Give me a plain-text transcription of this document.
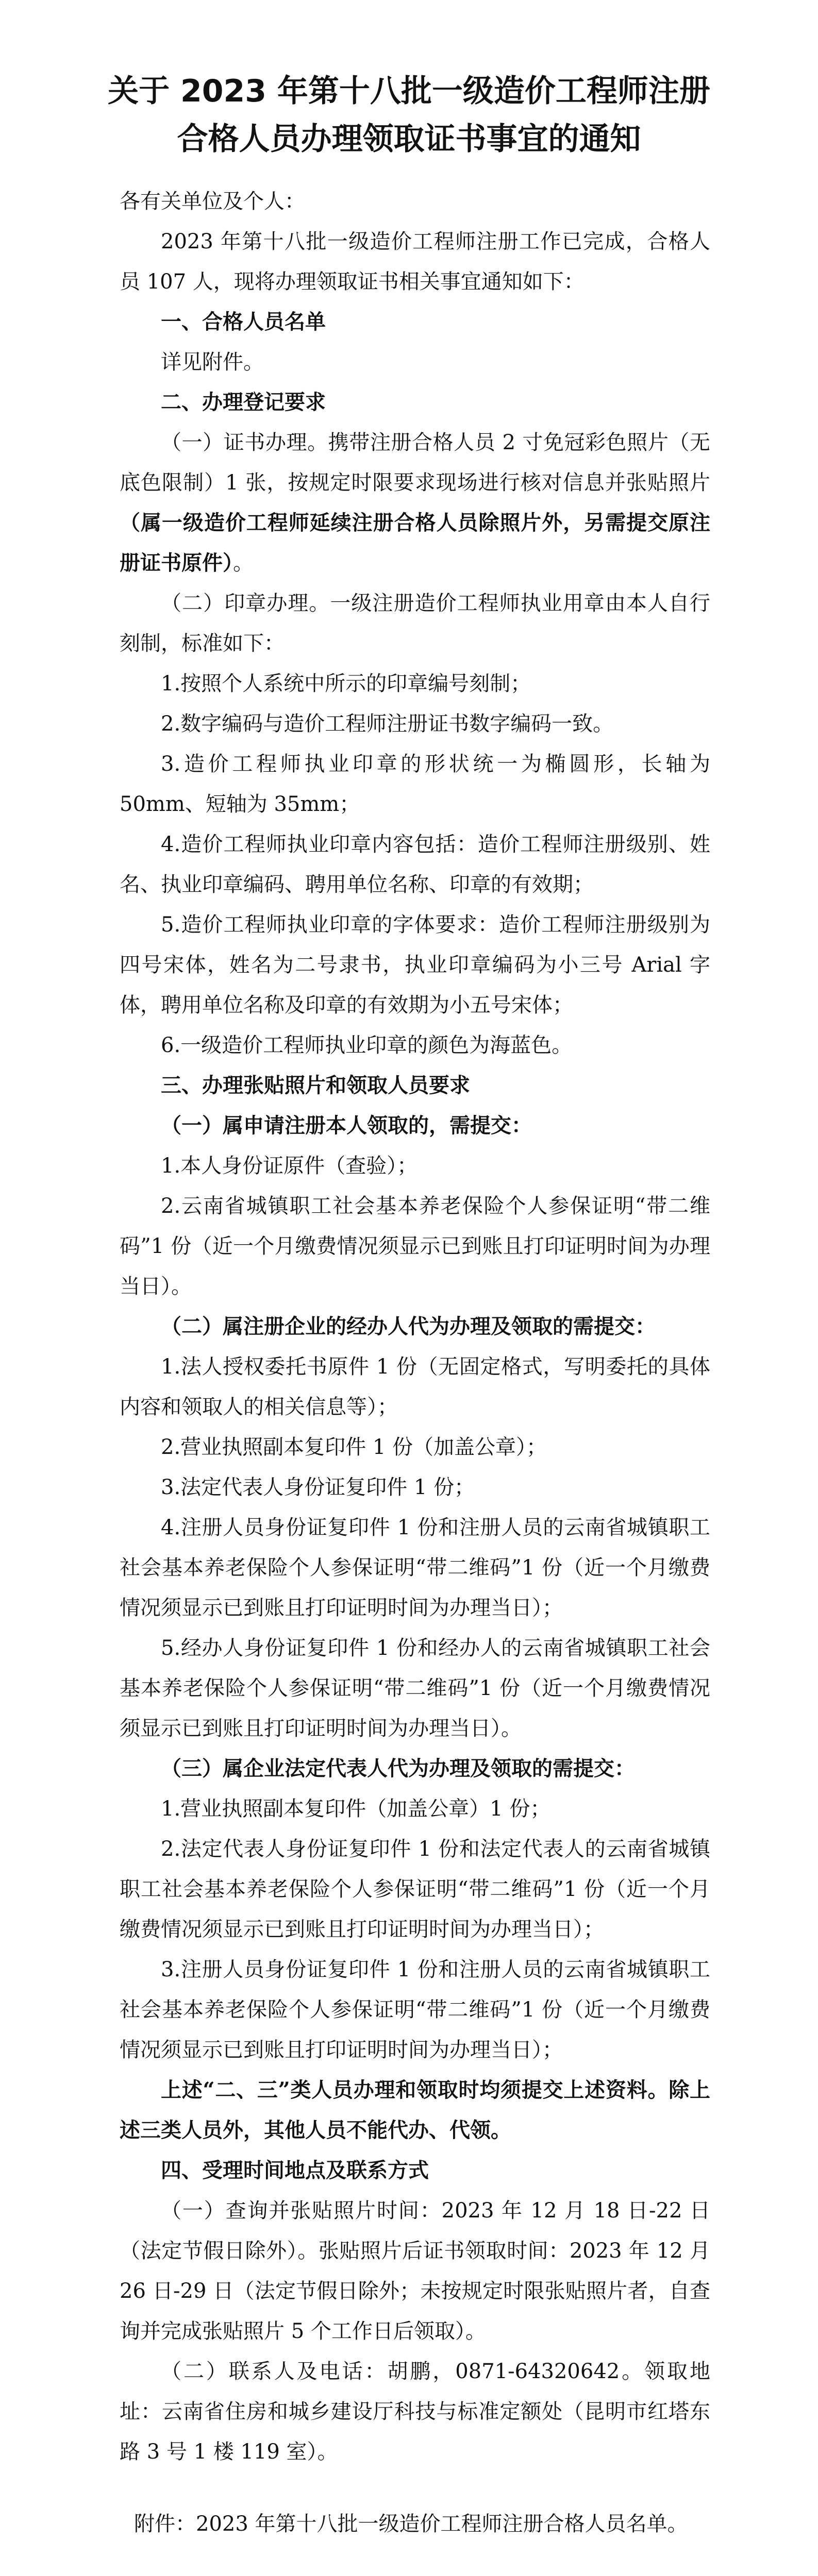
关于 2023 年第十八批一级造价工程师注册
合格人员办理领取证书事宜的通知

各有关单位及个人：

2023 年第十八批一级造价工程师注册工作已完成，合格人员 107 人，现将办理领取证书相关事宜通知如下：

一、合格人员名单

详见附件。

二、办理登记要求

（一）证书办理。携带注册合格人员 2 寸免冠彩色照片（无底色限制）1 张，按规定时限要求现场进行核对信息并张贴照片（属一级造价工程师延续注册合格人员除照片外，另需提交原注册证书原件）。

（二）印章办理。一级注册造价工程师执业用章由本人自行刻制，标准如下：

1.按照个人系统中所示的印章编号刻制；

2.数字编码与造价工程师注册证书数字编码一致。

3.造价工程师执业印章的形状统一为椭圆形，长轴为 50mm、短轴为 35mm；

4.造价工程师执业印章内容包括：造价工程师注册级别、姓名、执业印章编码、聘用单位名称、印章的有效期；

5.造价工程师执业印章的字体要求：造价工程师注册级别为四号宋体，姓名为二号隶书，执业印章编码为小三号 Arial 字体，聘用单位名称及印章的有效期为小五号宋体；

6.一级造价工程师执业印章的颜色为海蓝色。

三、办理张贴照片和领取人员要求

（一）属申请注册本人领取的，需提交：

1.本人身份证原件（查验）；

2.云南省城镇职工社会基本养老保险个人参保证明“带二维码”1 份（近一个月缴费情况须显示已到账且打印证明时间为办理当日）。

（二）属注册企业的经办人代为办理及领取的需提交：

1.法人授权委托书原件 1 份（无固定格式，写明委托的具体内容和领取人的相关信息等）；

2.营业执照副本复印件 1 份（加盖公章）；

3.法定代表人身份证复印件 1 份；

4.注册人员身份证复印件 1 份和注册人员的云南省城镇职工社会基本养老保险个人参保证明“带二维码”1 份（近一个月缴费情况须显示已到账且打印证明时间为办理当日）；

5.经办人身份证复印件 1 份和经办人的云南省城镇职工社会基本养老保险个人参保证明“带二维码”1 份（近一个月缴费情况须显示已到账且打印证明时间为办理当日）。

（三）属企业法定代表人代为办理及领取的需提交：

1.营业执照副本复印件（加盖公章）1 份；

2.法定代表人身份证复印件 1 份和法定代表人的云南省城镇职工社会基本养老保险个人参保证明“带二维码”1 份（近一个月缴费情况须显示已到账且打印证明时间为办理当日）；

3.注册人员身份证复印件 1 份和注册人员的云南省城镇职工社会基本养老保险个人参保证明“带二维码”1 份（近一个月缴费情况须显示已到账且打印证明时间为办理当日）；

上述“二、三”类人员办理和领取时均须提交上述资料。除上述三类人员外，其他人员不能代办、代领。

四、受理时间地点及联系方式

（一）查询并张贴照片时间：2023 年 12 月 18 日-22 日（法定节假日除外）。张贴照片后证书领取时间：2023 年 12 月 26 日-29 日（法定节假日除外；未按规定时限张贴照片者，自查询并完成张贴照片 5 个工作日后领取）。

（二）联系人及电话：胡鹏，0871-64320642。领取地址：云南省住房和城乡建设厅科技与标准定额处（昆明市红塔东路 3 号 1 楼 119 室）。

附件：2023 年第十八批一级造价工程师注册合格人员名单。
